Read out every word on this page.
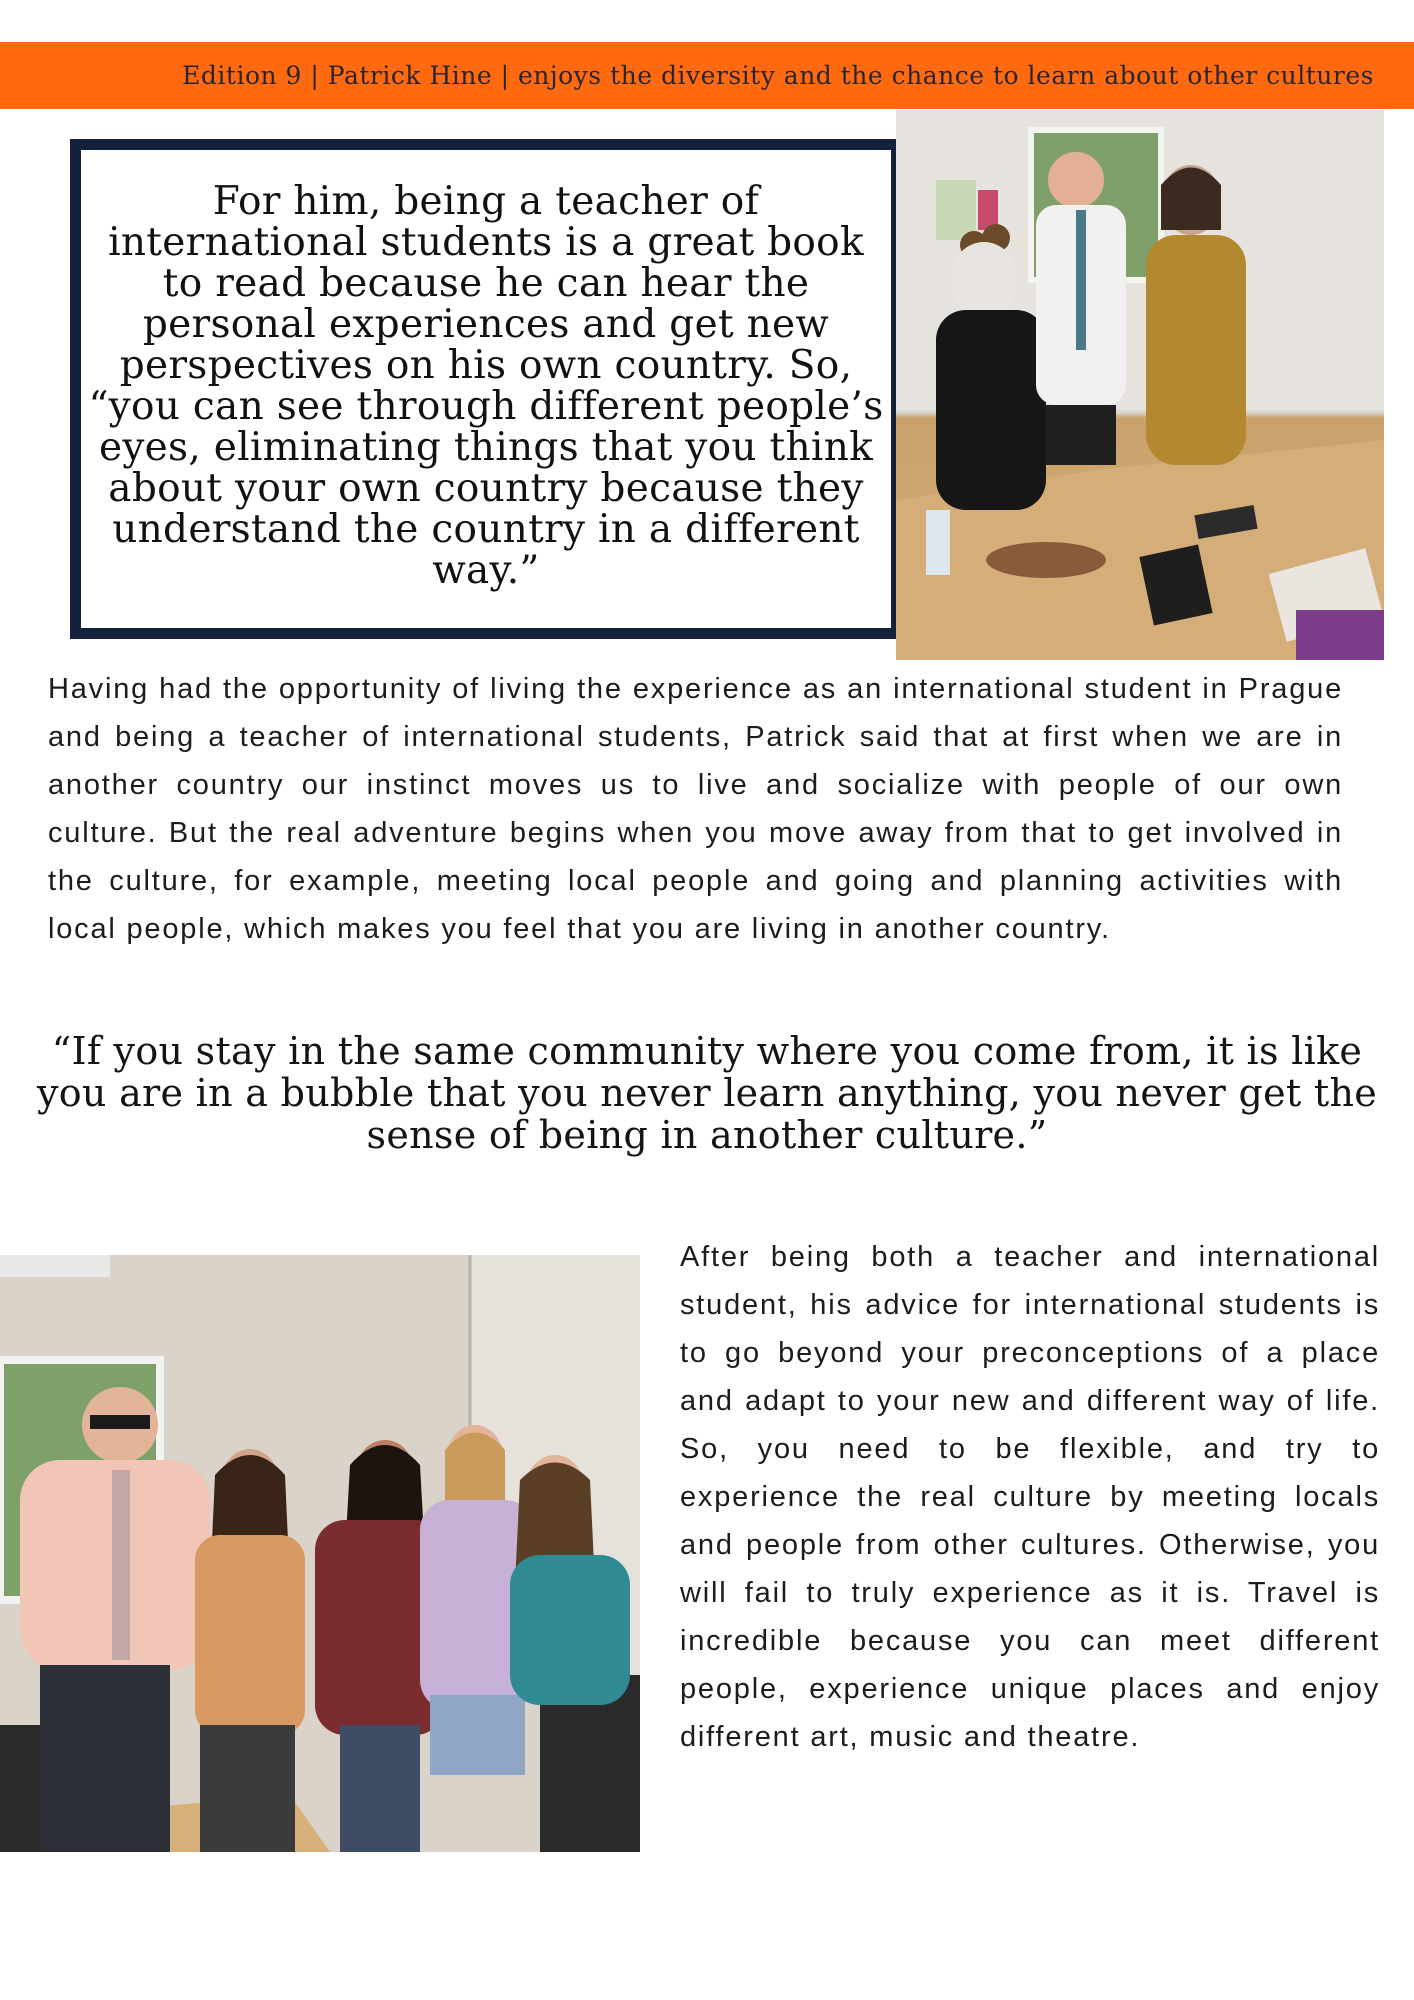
Edition 9 | Patrick Hine | enjoys the diversity and the chance to learn about other cultures

For him, being a teacher of international students is a great book to read because he can hear the personal experiences and get new perspectives on his own country. So, “you can see through different people’s eyes, eliminating things that you think about your own country because they understand the country in a different way.”

Having had the opportunity of living the experience as an international student in Prague and being a teacher of international students, Patrick said that at first when we are in another country our instinct moves us to live and socialize with people of our own culture. But the real adventure begins when you move away from that to get involved in the culture, for example, meeting local people and going and planning activities with local people, which makes you feel that you are living in another country.

“If you stay in the same community where you come from, it is like you are in a bubble that you never learn anything, you never get the sense of being in another culture.”

After being both a teacher and international student, his advice for international students is to go beyond your preconceptions of a place and adapt to your new and different way of life. So, you need to be flexible, and try to experience the real culture by meeting locals and people from other cultures. Otherwise, you will fail to truly experience as it is. Travel is incredible because you can meet different people, experience unique places and enjoy different art, music and theatre.
